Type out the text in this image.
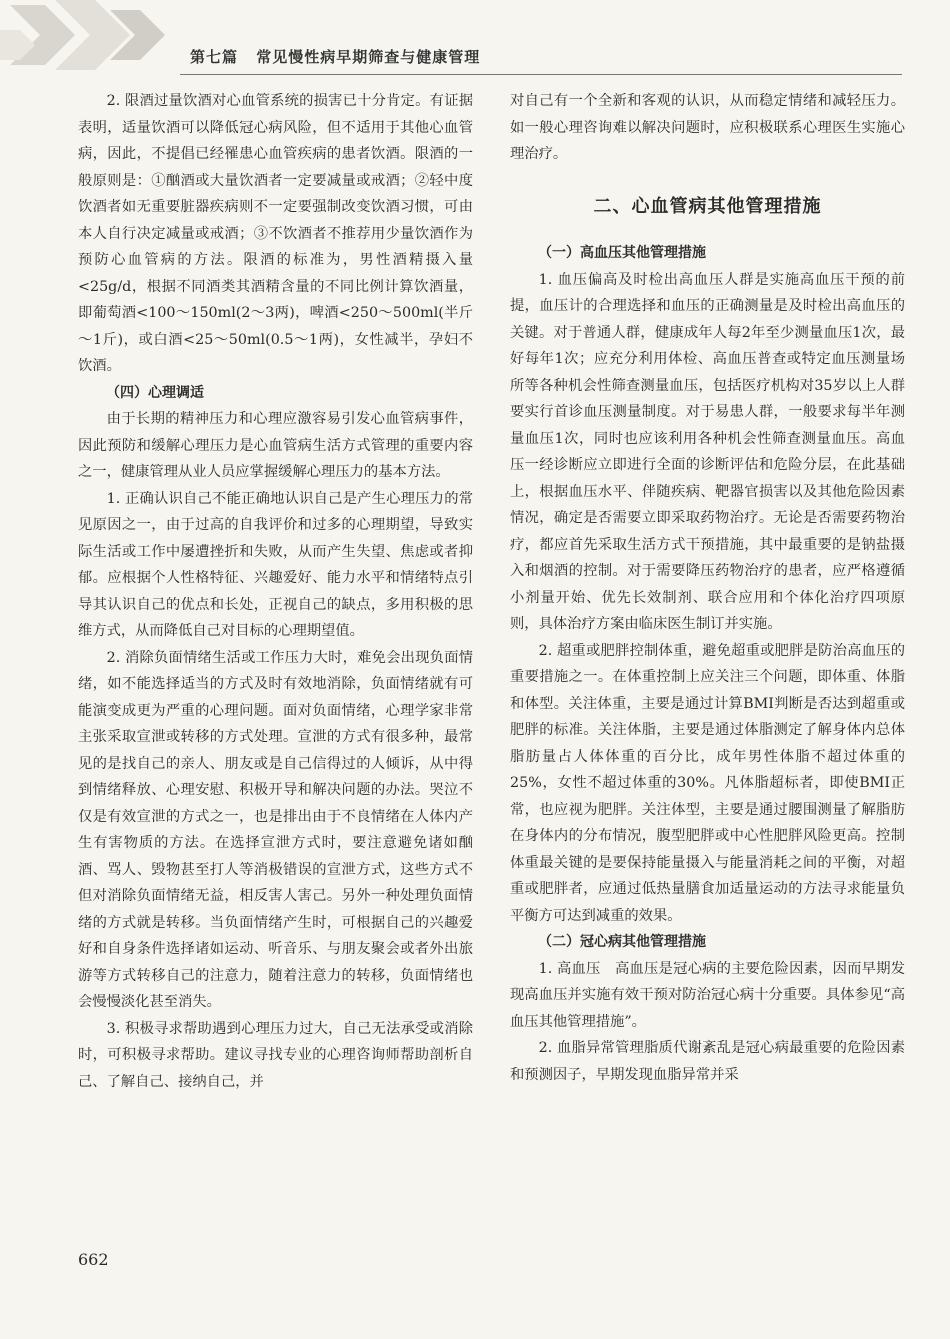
第七篇 常见慢性病早期筛查与健康管理

2. 限酒过量饮酒对心血管系统的损害已十分肯定。有证据表明，适量饮酒可以降低冠心病风险，但不适用于其他心血管病，因此，不提倡已经罹患心血管疾病的患者饮酒。限酒的一般原则是：①酗酒或大量饮酒者一定要减量或戒酒；②轻中度饮酒者如无重要脏器疾病则不一定要强制改变饮酒习惯，可由本人自行决定减量或戒酒；③不饮酒者不推荐用少量饮酒作为预防心血管病的方法。限酒的标准为，男性酒精摄入量<25g/d，根据不同酒类其酒精含量的不同比例计算饮酒量，即葡萄酒<100～150ml(2～3两)，啤酒<250～500ml(半斤～1斤)，或白酒<25～50ml(0.5～1两)，女性减半，孕妇不饮酒。

（四）心理调适

由于长期的精神压力和心理应激容易引发心血管病事件，因此预防和缓解心理压力是心血管病生活方式管理的重要内容之一，健康管理从业人员应掌握缓解心理压力的基本方法。

1. 正确认识自己不能正确地认识自己是产生心理压力的常见原因之一，由于过高的自我评价和过多的心理期望，导致实际生活或工作中屡遭挫折和失败，从而产生失望、焦虑或者抑郁。应根据个人性格特征、兴趣爱好、能力水平和情绪特点引导其认识自己的优点和长处，正视自己的缺点，多用积极的思维方式，从而降低自己对目标的心理期望值。

2. 消除负面情绪生活或工作压力大时，难免会出现负面情绪，如不能选择适当的方式及时有效地消除，负面情绪就有可能演变成更为严重的心理问题。面对负面情绪，心理学家非常主张采取宣泄或转移的方式处理。宣泄的方式有很多种，最常见的是找自己的亲人、朋友或是自己信得过的人倾诉，从中得到情绪释放、心理安慰、积极开导和解决问题的办法。哭泣不仅是有效宣泄的方式之一，也是排出由于不良情绪在人体内产生有害物质的方法。在选择宣泄方式时，要注意避免诸如酗酒、骂人、毁物甚至打人等消极错误的宣泄方式，这些方式不但对消除负面情绪无益，相反害人害己。另外一种处理负面情绪的方式就是转移。当负面情绪产生时，可根据自己的兴趣爱好和自身条件选择诸如运动、听音乐、与朋友聚会或者外出旅游等方式转移自己的注意力，随着注意力的转移，负面情绪也会慢慢淡化甚至消失。

3. 积极寻求帮助遇到心理压力过大，自己无法承受或消除时，可积极寻求帮助。建议寻找专业的心理咨询师帮助剖析自己、了解自己、接纳自己，并

对自己有一个全新和客观的认识，从而稳定情绪和减轻压力。如一般心理咨询难以解决问题时，应积极联系心理医生实施心理治疗。

二、心血管病其他管理措施
（一）高血压其他管理措施

1. 血压偏高及时检出高血压人群是实施高血压干预的前提，血压计的合理选择和血压的正确测量是及时检出高血压的关键。对于普通人群，健康成年人每2年至少测量血压1次，最好每年1次；应充分利用体检、高血压普查或特定血压测量场所等各种机会性筛查测量血压，包括医疗机构对35岁以上人群要实行首诊血压测量制度。对于易患人群，一般要求每半年测量血压1次，同时也应该利用各种机会性筛查测量血压。高血压一经诊断应立即进行全面的诊断评估和危险分层，在此基础上，根据血压水平、伴随疾病、靶器官损害以及其他危险因素情况，确定是否需要立即采取药物治疗。无论是否需要药物治疗，都应首先采取生活方式干预措施，其中最重要的是钠盐摄入和烟酒的控制。对于需要降压药物治疗的患者，应严格遵循小剂量开始、优先长效制剂、联合应用和个体化治疗四项原则，具体治疗方案由临床医生制订并实施。

2. 超重或肥胖控制体重，避免超重或肥胖是防治高血压的重要措施之一。在体重控制上应关注三个问题，即体重、体脂和体型。关注体重，主要是通过计算BMI判断是否达到超重或肥胖的标准。关注体脂，主要是通过体脂测定了解身体内总体脂肪量占人体体重的百分比，成年男性体脂不超过体重的25%，女性不超过体重的30%。凡体脂超标者，即使BMI正常，也应视为肥胖。关注体型，主要是通过腰围测量了解脂肪在身体内的分布情况，腹型肥胖或中心性肥胖风险更高。控制体重最关键的是要保持能量摄入与能量消耗之间的平衡，对超重或肥胖者，应通过低热量膳食加适量运动的方法寻求能量负平衡方可达到减重的效果。

（二）冠心病其他管理措施

1. 高血压　高血压是冠心病的主要危险因素，因而早期发现高血压并实施有效干预对防治冠心病十分重要。具体参见“高血压其他管理措施”。

2. 血脂异常管理脂质代谢紊乱是冠心病最重要的危险因素和预测因子，早期发现血脂异常并采

662
